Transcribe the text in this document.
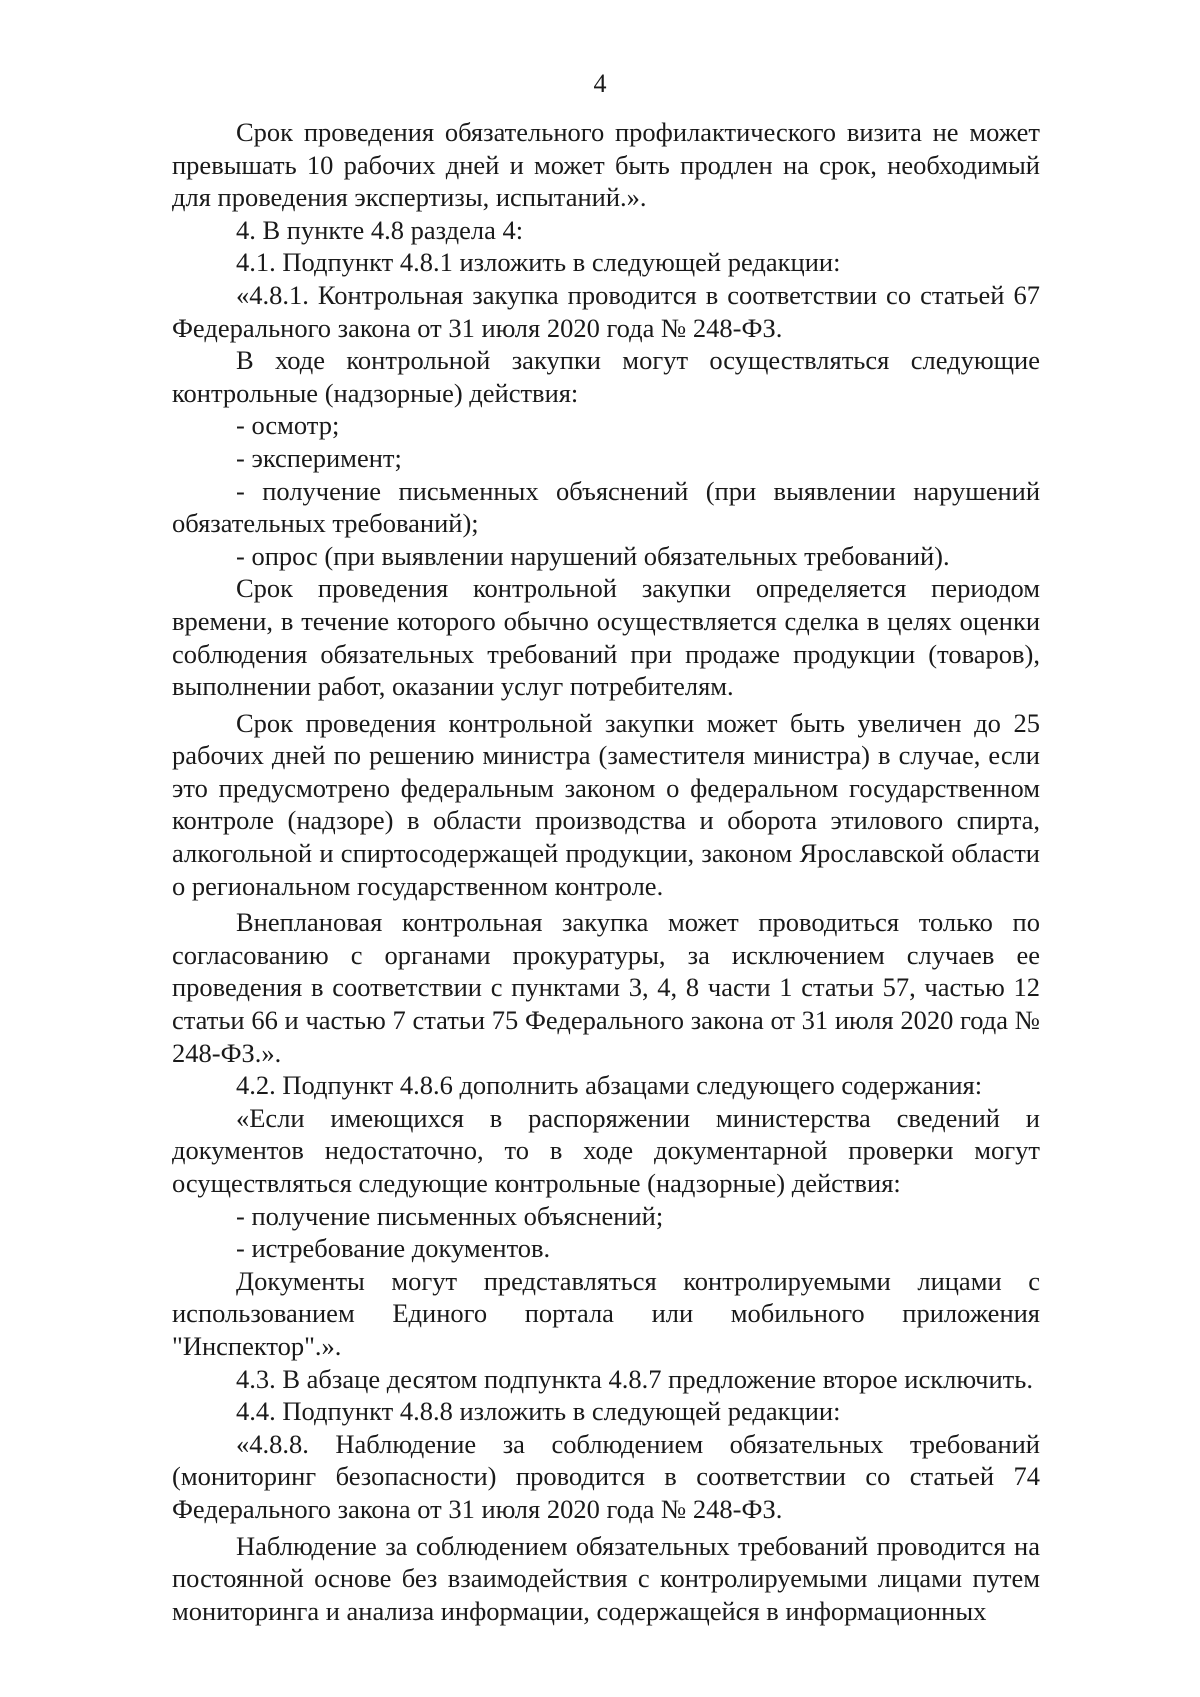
4

Срок проведения обязательного профилактического визита не может превышать 10 рабочих дней и может быть продлен на срок, необходимый для проведения экспертизы, испытаний.».

4. В пункте 4.8 раздела 4:

4.1. Подпункт 4.8.1 изложить в следующей редакции:

«4.8.1. Контрольная закупка проводится в соответствии со статьей 67 Федерального закона от 31 июля 2020 года № 248-ФЗ.

В ходе контрольной закупки могут осуществляться следующие контрольные (надзорные) действия:

- осмотр;

- эксперимент;

- получение письменных объяснений (при выявлении нарушений обязательных требований);

- опрос (при выявлении нарушений обязательных требований).

Срок проведения контрольной закупки определяется периодом времени, в течение которого обычно осуществляется сделка в целях оценки соблюдения обязательных требований при продаже продукции (товаров), выполнении работ, оказании услуг потребителям.

Срок проведения контрольной закупки может быть увеличен до 25 рабочих дней по решению министра (заместителя министра) в случае, если это предусмотрено федеральным законом о федеральном государственном контроле (надзоре) в области производства и оборота этилового спирта, алкогольной и спиртосодержащей продукции, законом Ярославской области о региональном государственном контроле.

Внеплановая контрольная закупка может проводиться только по согласованию с органами прокуратуры, за исключением случаев ее проведения в соответствии с пунктами 3, 4, 8 части 1 статьи 57, частью 12 статьи 66 и частью 7 статьи 75 Федерального закона от 31 июля 2020 года № 248-ФЗ.».

4.2. Подпункт 4.8.6 дополнить абзацами следующего содержания:

«Если имеющихся в распоряжении министерства сведений и документов недостаточно, то в ходе документарной проверки могут осуществляться следующие контрольные (надзорные) действия:

- получение письменных объяснений;

- истребование документов.

Документы могут представляться контролируемыми лицами с использованием Единого портала или мобильного приложения "Инспектор".».

4.3. В абзаце десятом подпункта 4.8.7 предложение второе исключить.

4.4. Подпункт 4.8.8 изложить в следующей редакции:

«4.8.8. Наблюдение за соблюдением обязательных требований (мониторинг безопасности) проводится в соответствии со статьей 74 Федерального закона от 31 июля 2020 года № 248-ФЗ.

Наблюдение за соблюдением обязательных требований проводится на постоянной основе без взаимодействия с контролируемыми лицами путем мониторинга и анализа информации, содержащейся в информационных
